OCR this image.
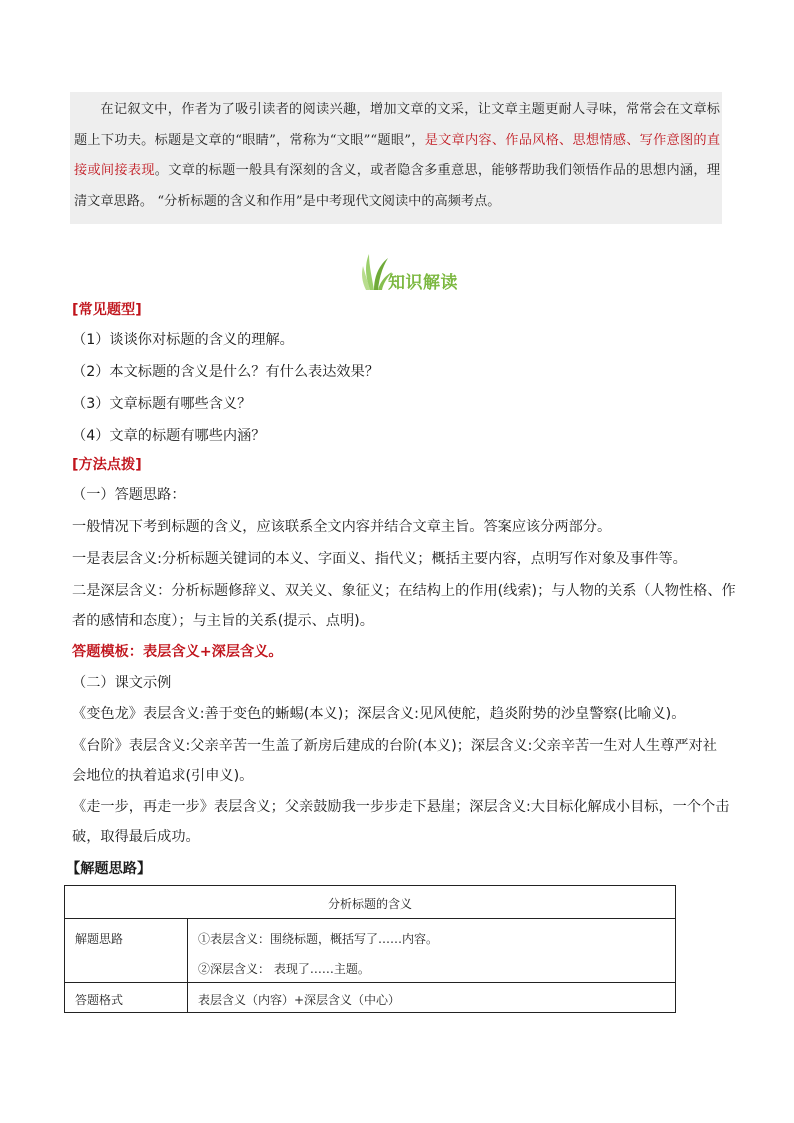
在记叙文中，作者为了吸引读者的阅读兴趣，增加文章的文采，让文章主题更耐人寻味，常常会在文章标题上下功夫。标题是文章的“眼睛”，常称为“文眼”“题眼”，是文章内容、作品风格、思想情感、写作意图的直接或间接表现。文章的标题一般具有深刻的含义，或者隐含多重意思，能够帮助我们领悟作品的思想内涵，理清文章思路。 “分析标题的含义和作用”是中考现代文阅读中的高频考点。

知识解读
[常见题型]
（1）谈谈你对标题的含义的理解。
（2）本文标题的含义是什么？有什么表达效果？
（3）文章标题有哪些含义？
（4）文章的标题有哪些内涵？
[方法点拨]
（一）答题思路：
一般情况下考到标题的含义，应该联系全文内容并结合文章主旨。答案应该分两部分。
一是表层含义:分析标题关键词的本义、字面义、指代义；概括主要内容，点明写作对象及事件等。
二是深层含义：分析标题修辞义、双关义、象征义；在结构上的作用(线索)；与人物的关系（人物性格、作
者的感情和态度）；与主旨的关系(提示、点明)。
答题模板：表层含义+深层含义。
（二）课文示例
《变色龙》表层含义:善于变色的蜥蜴(本义)；深层含义:见风使舵，趋炎附势的沙皇警察(比喻义)。
《台阶》表层含义:父亲辛苦一生盖了新房后建成的台阶(本义)；深层含义:父亲辛苦一生对人生尊严对社
会地位的执着追求(引申义)。
《走一步，再走一步》表层含义；父亲鼓励我一步步走下悬崖；深层含义:大目标化解成小目标，一个个击
破，取得最后成功。
【解题思路】
分析标题的含义
解题思路	①表层含义：围绕标题，概括写了……内容。
②深层含义： 表现了……主题。
答题格式	表层含义（内容）+深层含义（中心）
